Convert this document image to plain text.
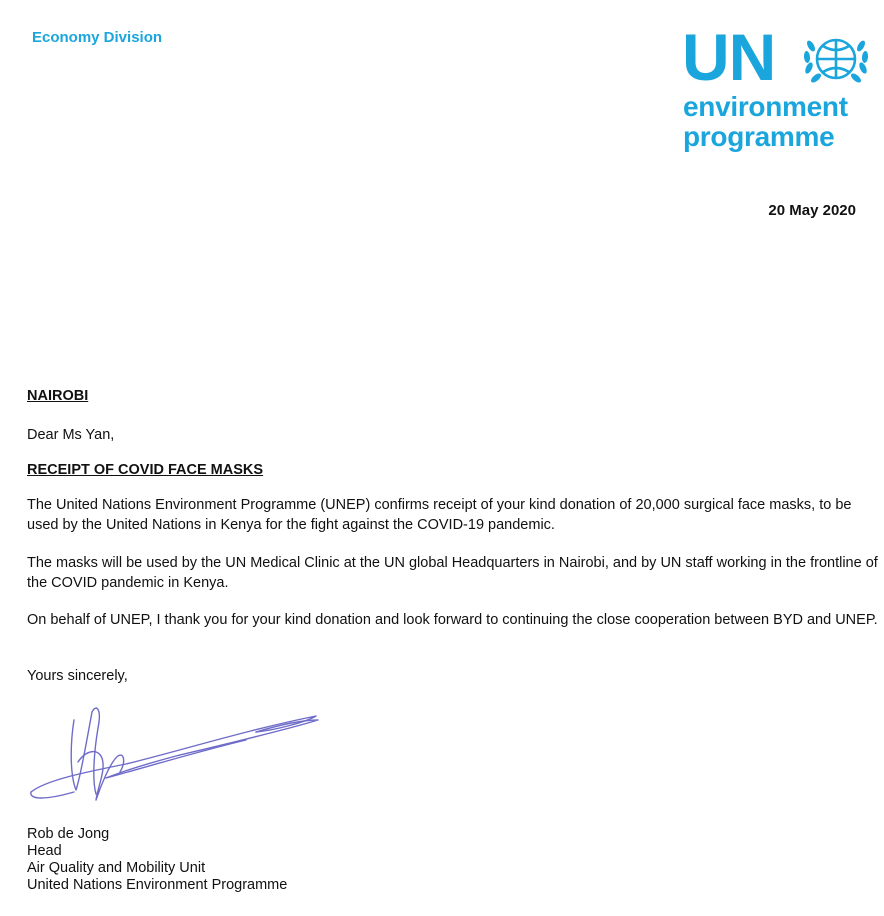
Economy Division	UN
environment
programme
20 May 2020
NAIROBI
Dear Ms Yan,
RECEIPT OF COVID FACE MASKS
The United Nations Environment Programme (UNEP) confirms receipt of your kind donation of 20,000 surgical face masks, to be used by the United Nations in Kenya for the fight against the COVID-19 pandemic.
The masks will be used by the UN Medical Clinic at the UN global Headquarters in Nairobi, and by UN staff working in the frontline of the COVID pandemic in Kenya.
On behalf of UNEP, I thank you for your kind donation and look forward to continuing the close cooperation between BYD and UNEP.
Yours sincerely,
Rob de Jong
Head
Air Quality and Mobility Unit
United Nations Environment Programme
